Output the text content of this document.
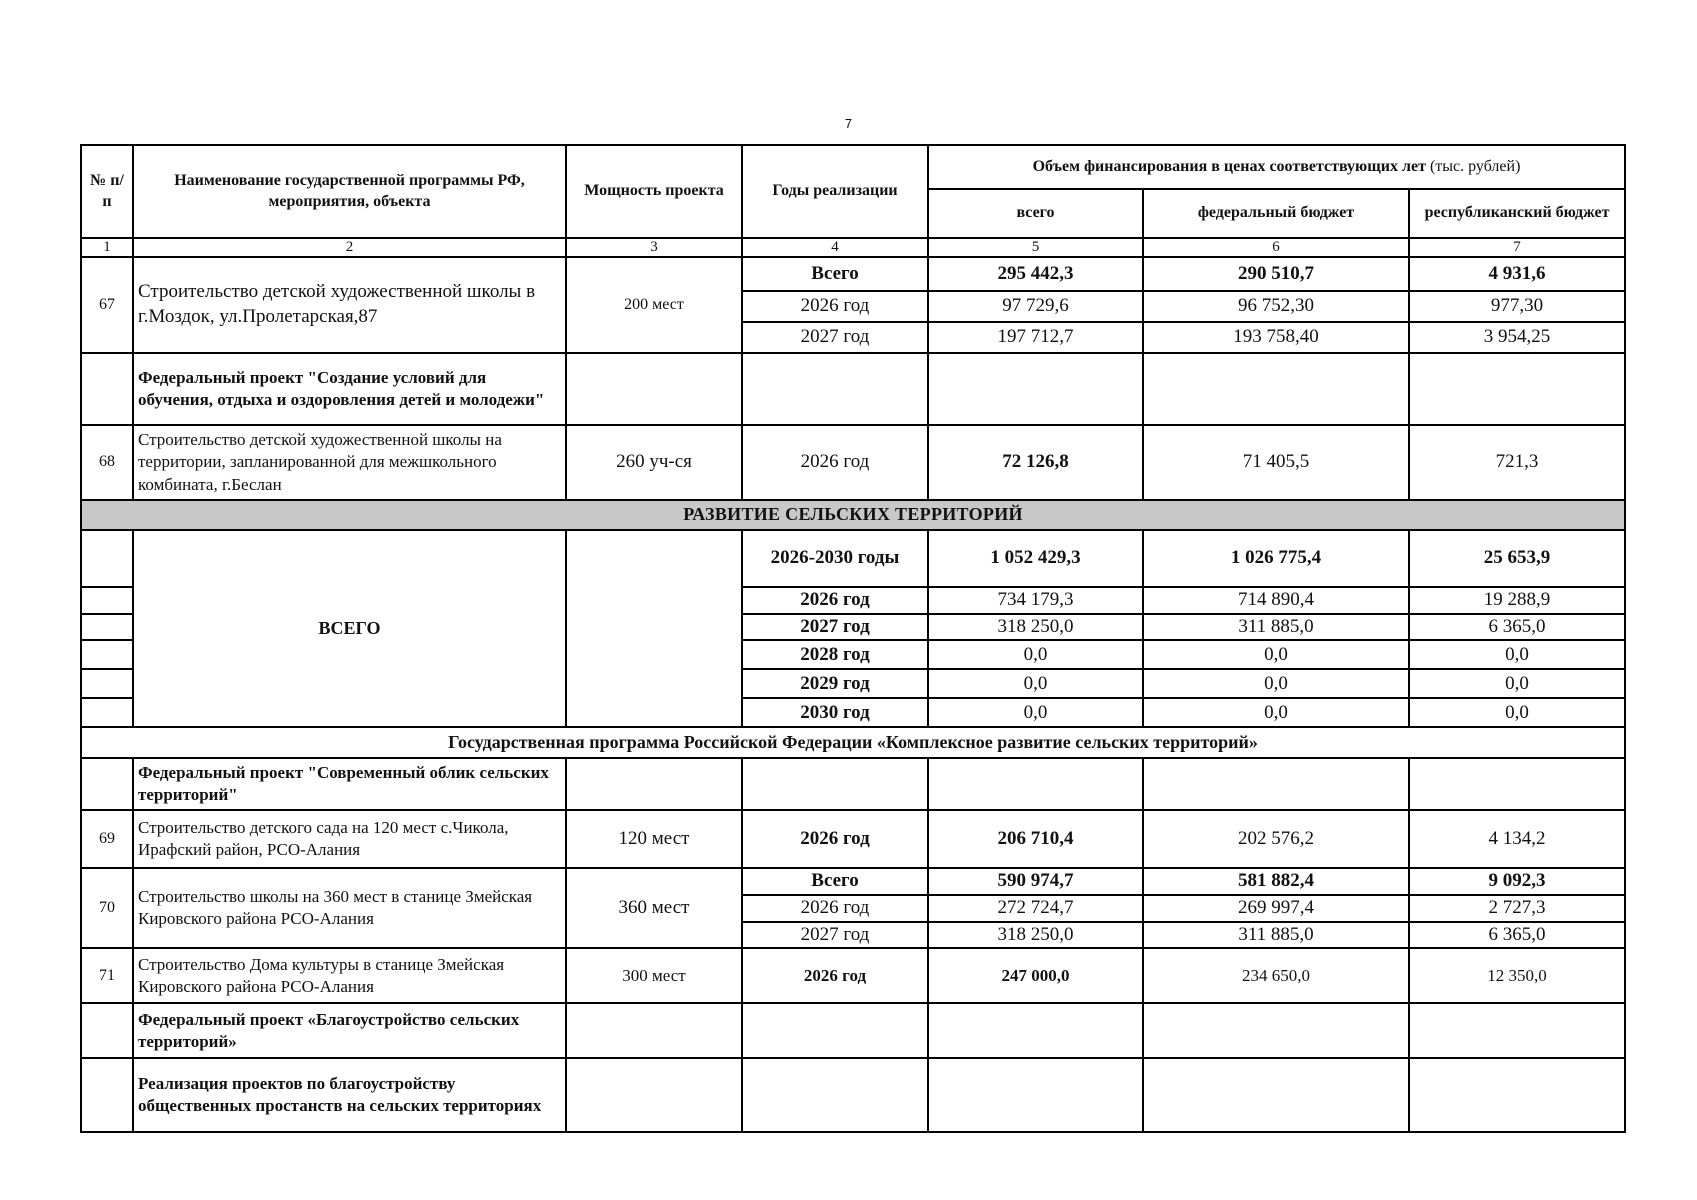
7
№ п/п	Наименование государственной программы РФ, мероприятия, объекта	Мощность проекта	Годы реализации	Объем финансирования в ценах соответствующих лет (тыс. рублей)		
				всего	федеральный бюджет	республиканский бюджет
1	2	3	4	5	6	7
67	Строительство детской художественной школы в г.Моздок, ул.Пролетарская,87	200 мест	Всего	295 442,3	290 510,7	4 931,6
			2026 год	97 729,6	96 752,30	977,30
			2027 год	197 712,7	193 758,40	3 954,25
	Федеральный проект "Создание условий для обучения, отдыха и оздоровления детей и молодежи"					
68	Строительство детской художественной школы на территории, запланированной для межшкольного комбината, г.Беслан	260 уч-ся	2026 год	72 126,8	71 405,5	721,3
РАЗВИТИЕ СЕЛЬСКИХ ТЕРРИТОРИЙ						
	ВСЕГО		2026-2030 годы	1 052 429,3	1 026 775,4	25 653,9
			2026 год	734 179,3	714 890,4	19 288,9
			2027 год	318 250,0	311 885,0	6 365,0
			2028 год	0,0	0,0	0,0
			2029 год	0,0	0,0	0,0
			2030 год	0,0	0,0	0,0
Государственная программа Российской Федерации «Комплексное развитие сельских территорий»						
	Федеральный проект "Современный облик сельских территорий"					
69	Строительство детского сада на 120 мест с.Чикола, Ирафский район, РСО-Алания	120 мест	2026 год	206 710,4	202 576,2	4 134,2
70	Строительство школы на 360 мест в станице Змейская Кировского района РСО-Алания	360 мест	Всего	590 974,7	581 882,4	9 092,3
			2026 год	272 724,7	269 997,4	2 727,3
			2027 год	318 250,0	311 885,0	6 365,0
71	Строительство Дома культуры в станице Змейская Кировского района РСО-Алания	300 мест	2026 год	247 000,0	234 650,0	12 350,0
	Федеральный проект «Благоустройство сельских территорий»					
	Реализация проектов по благоустройству общественных простанств на сельских территориях					
